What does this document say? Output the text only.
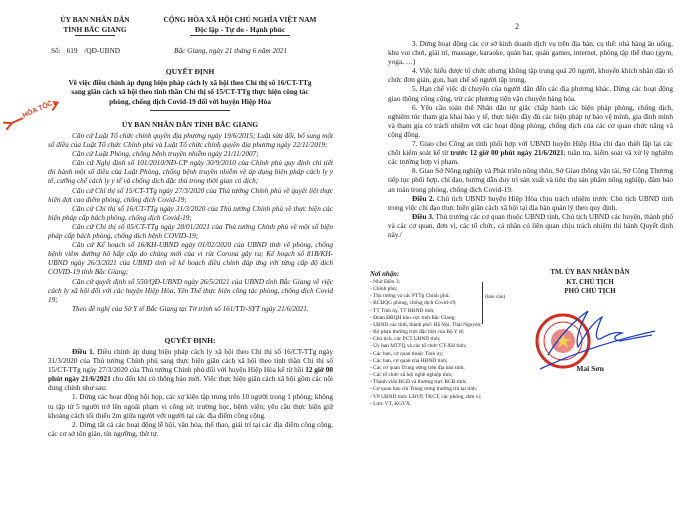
ỦY BAN NHÂN DÂN
TỈNH BẮC GIANG
Số: 619 /QĐ-UBND
CỘNG HÒA XÃ HỘI CHỦ NGHĨA VIỆT NAM
Độc lập - Tự do - Hạnh phúc
Bắc Giang, ngày 21 tháng 6 năm 2021
QUYẾT ĐỊNH
Về việc điều chỉnh áp dụng biện pháp cách ly xã hội theo Chỉ thị số 16/CT-TTg
sang giãn cách xã hội theo tinh thần Chỉ thị số 15/CT-TTg thực hiện công tác
phòng, chống dịch Covid-19 đối với huyện Hiệp Hòa
HỎA TỐC
ỦY BAN NHÂN DÂN TỈNH BẮC GIANG

Căn cứ Luật Tổ chức chính quyền địa phương ngày 19/6/2015; Luật sửa đổi, bổ sung một số điều của Luật Tổ chức Chính phủ và Luật Tổ chức chính quyền địa phương ngày 22/11/2019;

Căn cứ Luật Phòng, chống bệnh truyền nhiễm ngày 21/11/2007;

Căn cứ Nghị định số 101/2010/NĐ-CP ngày 30/9/2010 của Chính phủ quy định chi tiết thi hành một số điều của Luật Phòng, chống bệnh truyền nhiễm về áp dụng biện pháp cách ly y tế, cưỡng chế cách ly y tế và chống dịch đặc thù trong thời gian có dịch;

Căn cứ Chỉ thị số 15/CT-TTg ngày 27/3/2020 của Thủ tướng Chính phủ về quyết liệt thực hiện đợt cao điểm phòng, chống dịch Covid-19;

Căn cứ Chỉ thị số 16/CT-TTg ngày 31/3/2020 của Thủ tướng Chính phủ về thực hiện các biện pháp cấp bách phòng, chống dịch Covid-19;

Căn cứ Chỉ thị số 05/CT-TTg ngày 28/01/2021 của Thủ tướng Chính phủ về một số biện pháp cấp bách phòng, chống dịch bệnh COVID-19;

Căn cứ Kế hoạch số 16/KH-UBND ngày 01/02/2020 của UBND tỉnh về phòng, chống bệnh viêm đường hô hấp cấp do chủng mới của vi rút Corona gây ra; Kế hoạch số 81B/KH-UBND ngày 26/3/2021 của UBND tỉnh về kế hoạch điều chỉnh đáp ứng với từng cấp độ dịch COVID-19 tỉnh Bắc Giang;

Căn cứ quyết định số 550/QĐ-UBND ngày 26/5/2021 của UBND tỉnh Bắc Giang về việc cách ly xã hội đối với các huyện Hiệp Hòa, Yên Thế thực hiện công tác phòng, chống dịch Covid 19;

Theo đề nghị của Sở Y tế Bắc Giang tại Tờ trình số 161/TTr-SYT ngày 21/6/2021.

QUYẾT ĐỊNH:

Điều 1. Điều chỉnh áp dụng biện pháp cách ly xã hội theo Chỉ thị số 16/CT-TTg ngày 31/3/2020 của Thủ tướng Chính phủ sang thực hiện giãn cách xã hội theo tinh thần Chỉ thị số 15/CT-TTg ngày 27/3/2020 của Thủ tướng Chính phủ đối với huyện Hiệp Hòa kể từ hồi 12 giờ 00 phút ngày 21/6/2021 cho đến khi có thông báo mới. Việc thực hiện giãn cách xã hội gồm các nội dung chính như sau:

1. Dừng các hoạt động hội họp, các sự kiện tập trung trên 10 người trong 1 phòng; không tụ tập từ 5 người trở lên ngoài phạm vi công sở, trường học, bệnh viện; yêu cầu thực hiện giữ khoảng cách tối thiểu 2m giữa người với người tại các địa điểm công cộng.

2. Dừng tất cả các hoạt động lễ hội, văn hóa, thể thao, giải trí tại các địa điểm công cộng, các cơ sở tôn giáo, tín ngưỡng, thờ tự.

2

3. Dừng hoạt động các cơ sở kinh doanh dịch vụ trên địa bàn, cụ thể: nhà hàng ăn uống, khu vui chơi, giải trí, massage, karaoke, quán bar, quán games, internet, phòng tập thể thao (gym, yoga, …)

4. Việc hiếu được tổ chức nhưng không tập trung quá 20 người, khuyến khích nhân dân tổ chức đơn giản, gọn, hạn chế số người tập trung.

5. Hạn chế việc di chuyển của người dân đến các địa phương khác. Dừng các hoạt động giao thông công cộng, trừ các phương tiện vận chuyển hàng hóa.

6. Yêu cầu toàn thể Nhân dân tự giác chấp hành các biện pháp phòng, chống dịch, nghiêm túc tham gia khai báo y tế, thực hiện đầy đủ các biện pháp tự bảo vệ mình, gia đình mình và tham gia có trách nhiệm với các hoạt động phòng, chống dịch của các cơ quan chức năng và cộng đồng.

7. Giao cho Công an tỉnh phối hợp với UBND huyện Hiệp Hòa chỉ đạo thiết lập lại các chốt kiểm soát kể từ trước 12 giờ 00 phút ngày 21/6/2021; tuần tra, kiểm soát và xử lý nghiêm các trường hợp vi phạm.

8. Giao Sở Nông nghiệp và Phát triển nông thôn, Sở Giao thông vận tải, Sở Công Thương tiếp tục phối hợp, chỉ đạo, hướng dẫn duy trì sản xuất và tiêu thụ sản phẩm nông nghiệp, đảm bảo an toàn trong phòng, chống dịch Covid-19.

Điều 2. Chủ tịch UBND huyện Hiệp Hòa chịu trách nhiệm trước Chủ tịch UBND tỉnh trong việc chỉ đạo thực hiện giãn cách xã hội tại địa bàn quản lý theo quy định.

Điều 3. Thủ trưởng các cơ quan thuộc UBND tỉnh, Chủ tịch UBND các huyện, thành phố và các cơ quan, đơn vị, các tổ chức, cá nhân có liên quan chịu trách nhiệm thi hành Quyết định này./

Nơi nhận:
- Như Điều 3;
- Chính phủ;
- Thủ tướng và các PTTg Chính phủ;
- BCĐQG phòng, chống dịch Covid-19;
- TT Tỉnh ủy, TT HĐND tỉnh;
- Đoàn ĐBQH khu vực tỉnh Bắc Giang;
- UBND các tỉnh, thành phố: Hà Nội, Thái Nguyên;
- Bộ phận thường trực đặc biệt của Bộ Y tế;
- Chủ tịch, các PCT UBND tỉnh;
- Ủy ban MTTQ và các tổ chức CT-XH tỉnh;
- Các ban, cơ quan thuộc Tỉnh ủy;
- Các ban, cơ quan của HĐND tỉnh;
- Các cơ quan Trung ương trên địa bàn tỉnh;
- Các tổ chức xã hội nghề nghiệp tỉnh;
- Thành viên BCĐ và thường trực BCĐ tỉnh;
- Cơ quan báo chí Trung ương thường trú tại tỉnh;
- VP UBND tỉnh: LĐVP, TKCT, các phòng, đơn vị;
- Lưu: VT, KGVX.
(báo cáo)
TM. ỦY BAN NHÂN DÂN
KT. CHỦ TỊCH
PHÓ CHỦ TỊCH
Mai Sơn
